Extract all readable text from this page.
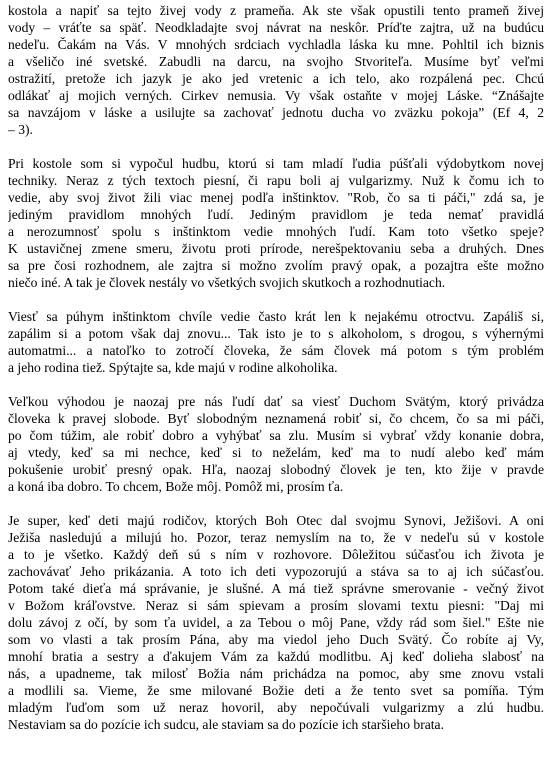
kostola a napiť sa tejto živej vody z prameňa. Ak ste však opustili tento prameň živej
vody – vráťte sa späť. Neodkladajte svoj návrat na neskôr. Príďte zajtra, už na budúcu
nedeľu. Čakám na Vás. V mnohých srdciach vychladla láska ku mne. Pohltil ich biznis
a všeličo iné svetské. Zabudli na darcu, na svojho Stvoriteľa. Musíme byť veľmi
ostražití, pretože ich jazyk je ako jed vretenic a ich telo, ako rozpálená pec. Chcú
odlákať aj mojich verných. Cirkev nemusia. Vy však ostaňte v mojej Láske. “Znášajte
sa navzájom v láske a usilujte sa zachovať jednotu ducha vo zväzku pokoja” (Ef 4, 2
– 3).
Pri kostole som si vypočul hudbu, ktorú si tam mladí ľudia púšťali výdobytkom novej
techniky. Neraz z tých textoch piesní, či rapu boli aj vulgarizmy. Nuž k čomu ich to
vedie, aby svoj život žili viac menej podľa inštinktov. "Rob, čo sa ti páči," zdá sa, je
jediným pravidlom mnohých ľudí. Jediným pravidlom je teda nemať pravidlá
a nerozumnosť spolu s inštinktom vedie mnohých ľudí. Kam toto všetko speje?
K ustavičnej zmene smeru, životu proti prírode, nerešpektovaniu seba a druhých. Dnes
sa pre čosi rozhodnem, ale zajtra si možno zvolím pravý opak, a pozajtra ešte možno
niečo iné. A tak je človek nestály vo všetkých svojich skutkoch a rozhodnutiach.
Viesť sa púhym inštinktom chvíle vedie často krát len k nejakému otroctvu. Zapáliš si,
zapálim si a potom však daj znovu... Tak isto je to s alkoholom, s drogou, s výhernými
automatmi... a natoľko to zotročí človeka, že sám človek má potom s tým problém
a jeho rodina tiež. Spýtajte sa, kde majú v rodine alkoholika.
Veľkou výhodou je naozaj pre nás ľudí dať sa viesť Duchom Svätým, ktorý privádza
človeka k pravej slobode. Byť slobodným neznamená robiť si, čo chcem, čo sa mi páči,
po čom túžim, ale robiť dobro a vyhýbať sa zlu. Musím si vybrať vždy konanie dobra,
aj vtedy, keď sa mi nechce, keď si to neželám, keď ma to nudí alebo keď mám
pokušenie urobiť presný opak. Hľa, naozaj slobodný človek je ten, kto žije v pravde
a koná iba dobro. To chcem, Bože môj. Pomôž mi, prosím ťa.
Je super, keď deti majú rodičov, ktorých Boh Otec dal svojmu Synovi, Ježišovi. A oni
Ježiša nasledujú a milujú ho. Pozor, teraz nemyslím na to, že v nedeľu sú v kostole
a to je všetko. Každý deň sú s ním v rozhovore. Dôležitou súčasťou ich života je
zachovávať Jeho prikázania. A toto ich deti vypozorujú a stáva sa to aj ich súčasťou.
Potom také dieťa má správanie, je slušné. A má tiež správne smerovanie - večný život
v Božom kráľovstve. Neraz si sám spievam a prosím slovami textu piesni: "Daj mi
dolu závoj z očí, by som ťa uvidel, a za Tebou o môj Pane, vždy rád som šiel." Ešte nie
som vo vlasti a tak prosím Pána, aby ma viedol jeho Duch Svätý. Čo robíte aj Vy,
mnohí bratia a sestry a ďakujem Vám za každú modlitbu. Aj keď dolieha slabosť na
nás, a upadneme, tak milosť Božia nám prichádza na pomoc, aby sme znovu vstali
a modlili sa. Vieme, že sme milované Božie deti a že tento svet sa pomíňa. Tým
mladým ľuďom som už neraz hovoril, aby nepočúvali vulgarizmy a zlú hudbu.
Nestaviam sa do pozície ich sudcu, ale staviam sa do pozície ich staršieho brata.
